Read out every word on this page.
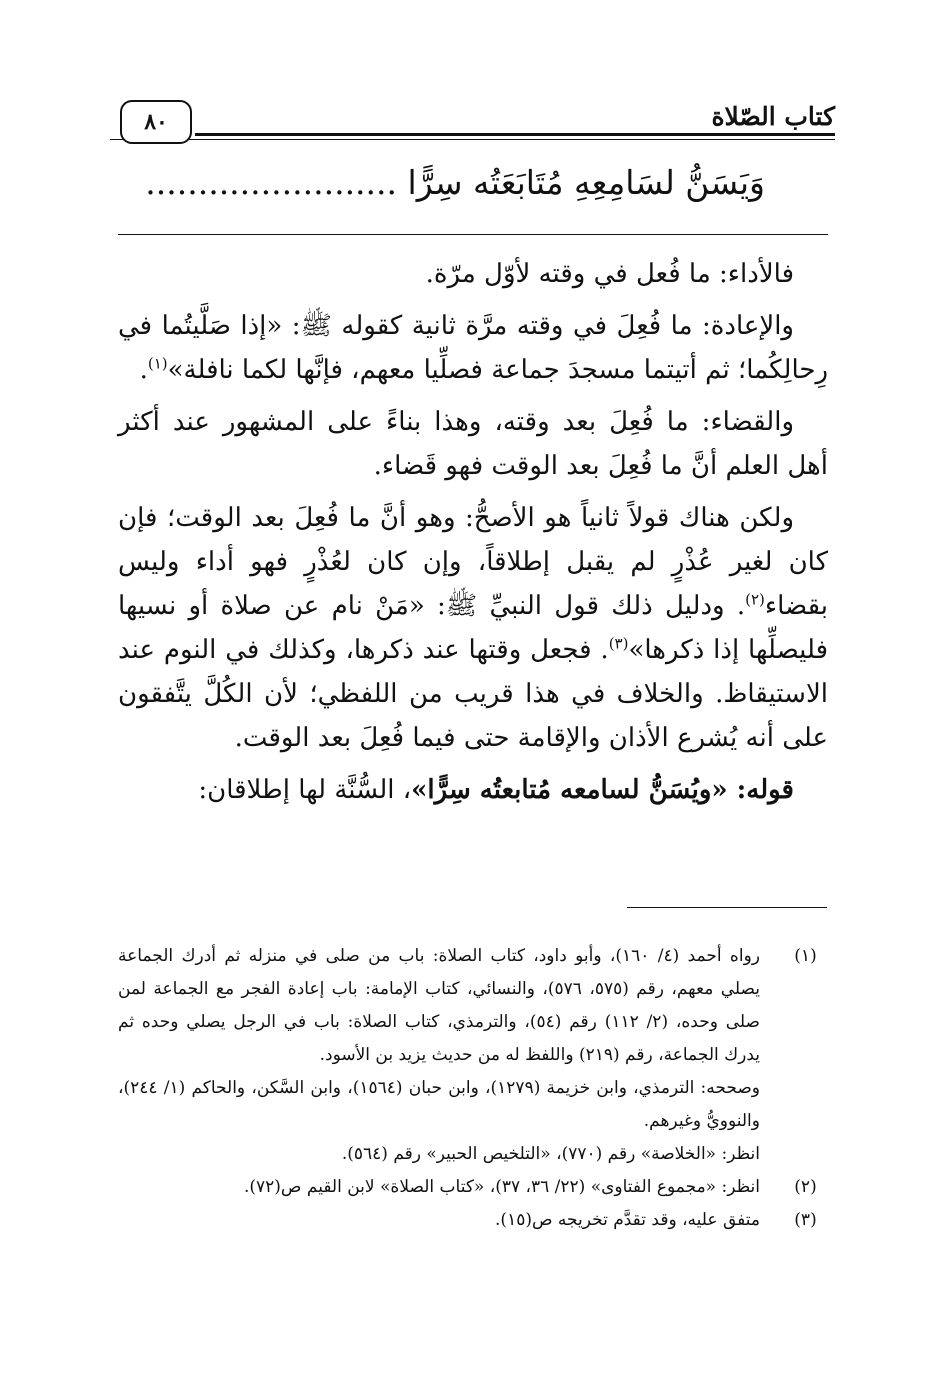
٨٠	كتاب الصّلاة
وَيَسَنُّ لسَامِعِهِ مُتَابَعَتُه سِرًّا ........................

فالأداء: ما فُعل في وقته لأوّل مرّة.

والإعادة: ما فُعِلَ في وقته مرَّة ثانية كقوله ﷺ: «إذا صَلَّيتُما في رِحالِكُما؛ ثم أتيتما مسجدَ جماعة فصلِّيا معهم، فإنَّها لكما نافلة»$^{(١)}$.

والقضاء: ما فُعِلَ بعد وقته، وهذا بناءً على المشهور عند أكثر أهل العلم أنَّ ما فُعِلَ بعد الوقت فهو قَضاء.

ولكن هناك قولاً ثانياً هو الأصحُّ: وهو أنَّ ما فُعِلَ بعد الوقت؛ فإن كان لغير عُذْرٍ لم يقبل إطلاقاً، وإن كان لعُذْرٍ فهو أداء وليس بقضاء$^{(٢)}$. ودليل ذلك قول النبيِّ ﷺ: «مَنْ نام عن صلاة أو نسيها فليصلِّها إذا ذكرها»$^{(٣)}$. فجعل وقتها عند ذكرها، وكذلك في النوم عند الاستيقاظ. والخلاف في هذا قريب من اللفظي؛ لأن الكُلَّ يتَّفقون على أنه يُشرع الأذان والإقامة حتى فيما فُعِلَ بعد الوقت.

قوله: «ويُسَنُّ لسامعه مُتابعتُه سِرًّا»، السُّنَّة لها إطلاقان:

(١)
رواه أحمد (٤/ ١٦٠)، وأبو داود، كتاب الصلاة: باب من صلى في منزله ثم أدرك الجماعة يصلي معهم، رقم (٥٧٥، ٥٧٦)، والنسائي، كتاب الإمامة: باب إعادة الفجر مع الجماعة لمن صلى وحده، (٢/ ١١٢) رقم (٥٤)، والترمذي، كتاب الصلاة: باب في الرجل يصلي وحده ثم يدرك الجماعة، رقم (٢١٩) واللفظ له من حديث يزيد بن الأسود.
وصححه: الترمذي، وابن خزيمة (١٢٧٩)، وابن حبان (١٥٦٤)، وابن السَّكن، والحاكم (١/ ٢٤٤)، والنوويُّ وغيرهم.
انظر: «الخلاصة» رقم (٧٧٠)، «التلخيص الحبير» رقم (٥٦٤).
(٢)
انظر: «مجموع الفتاوى» (٢٢/ ٣٦، ٣٧)، «كتاب الصلاة» لابن القيم ص(٧٢).
(٣)
متفق عليه، وقد تقدَّم تخريجه ص(١٥).
